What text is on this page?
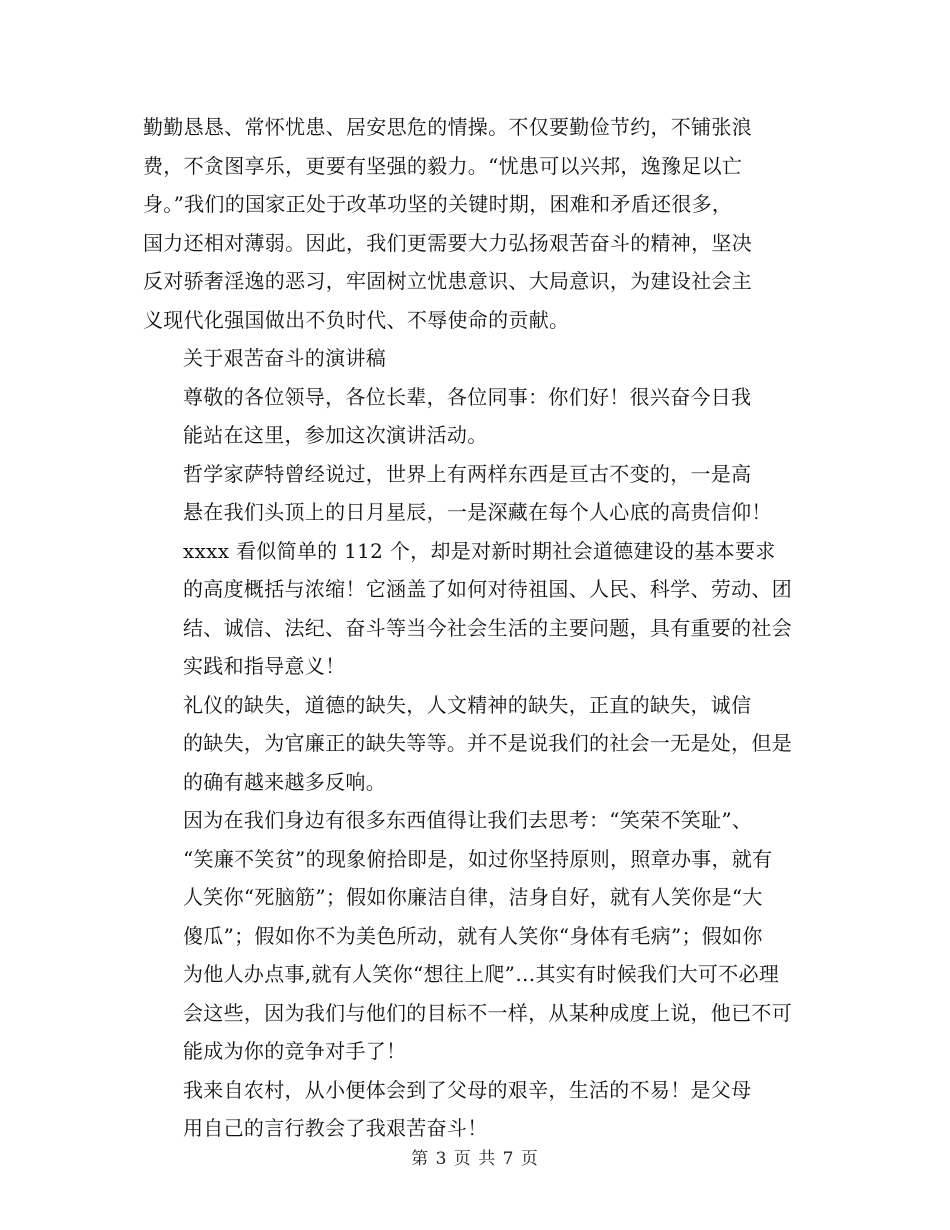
勤勤恳恳、常怀忧患、居安思危的情操。不仅要勤俭节约，不铺张浪
费，不贪图享乐，更要有坚强的毅力。“忧患可以兴邦，逸豫足以亡
身。”我们的国家正处于改革功坚的关键时期，困难和矛盾还很多，
国力还相对薄弱。因此，我们更需要大力弘扬艰苦奋斗的精神，坚决
反对骄奢淫逸的恶习，牢固树立忧患意识、大局意识，为建设社会主
义现代化强国做出不负时代、不辱使命的贡献。

关于艰苦奋斗的演讲稿

尊敬的各位领导，各位长辈，各位同事：你们好！很兴奋今日我
能站在这里，参加这次演讲活动。

哲学家萨特曾经说过，世界上有两样东西是亘古不变的，一是高
悬在我们头顶上的日月星辰，一是深藏在每个人心底的高贵信仰！

xxxx 看似简单的 112 个，却是对新时期社会道德建设的基本要求
的高度概括与浓缩！它涵盖了如何对待祖国、人民、科学、劳动、团
结、诚信、法纪、奋斗等当今社会生活的主要问题，具有重要的社会
实践和指导意义！

礼仪的缺失，道德的缺失，人文精神的缺失，正直的缺失，诚信
的缺失，为官廉正的缺失等等。并不是说我们的社会一无是处，但是
的确有越来越多反响。

因为在我们身边有很多东西值得让我们去思考：“笑荣不笑耻”、
“笑廉不笑贫”的现象俯拾即是，如过你坚持原则，照章办事，就有
人笑你“死脑筋”；假如你廉洁自律，洁身自好，就有人笑你是“大
傻瓜”；假如你不为美色所动，就有人笑你“身体有毛病”；假如你
为他人办点事,就有人笑你“想往上爬”…其实有时候我们大可不必理
会这些，因为我们与他们的目标不一样，从某种成度上说，他已不可
能成为你的竞争对手了！

我来自农村，从小便体会到了父母的艰辛，生活的不易！是父母
用自己的言行教会了我艰苦奋斗！

第 3 页 共 7 页
